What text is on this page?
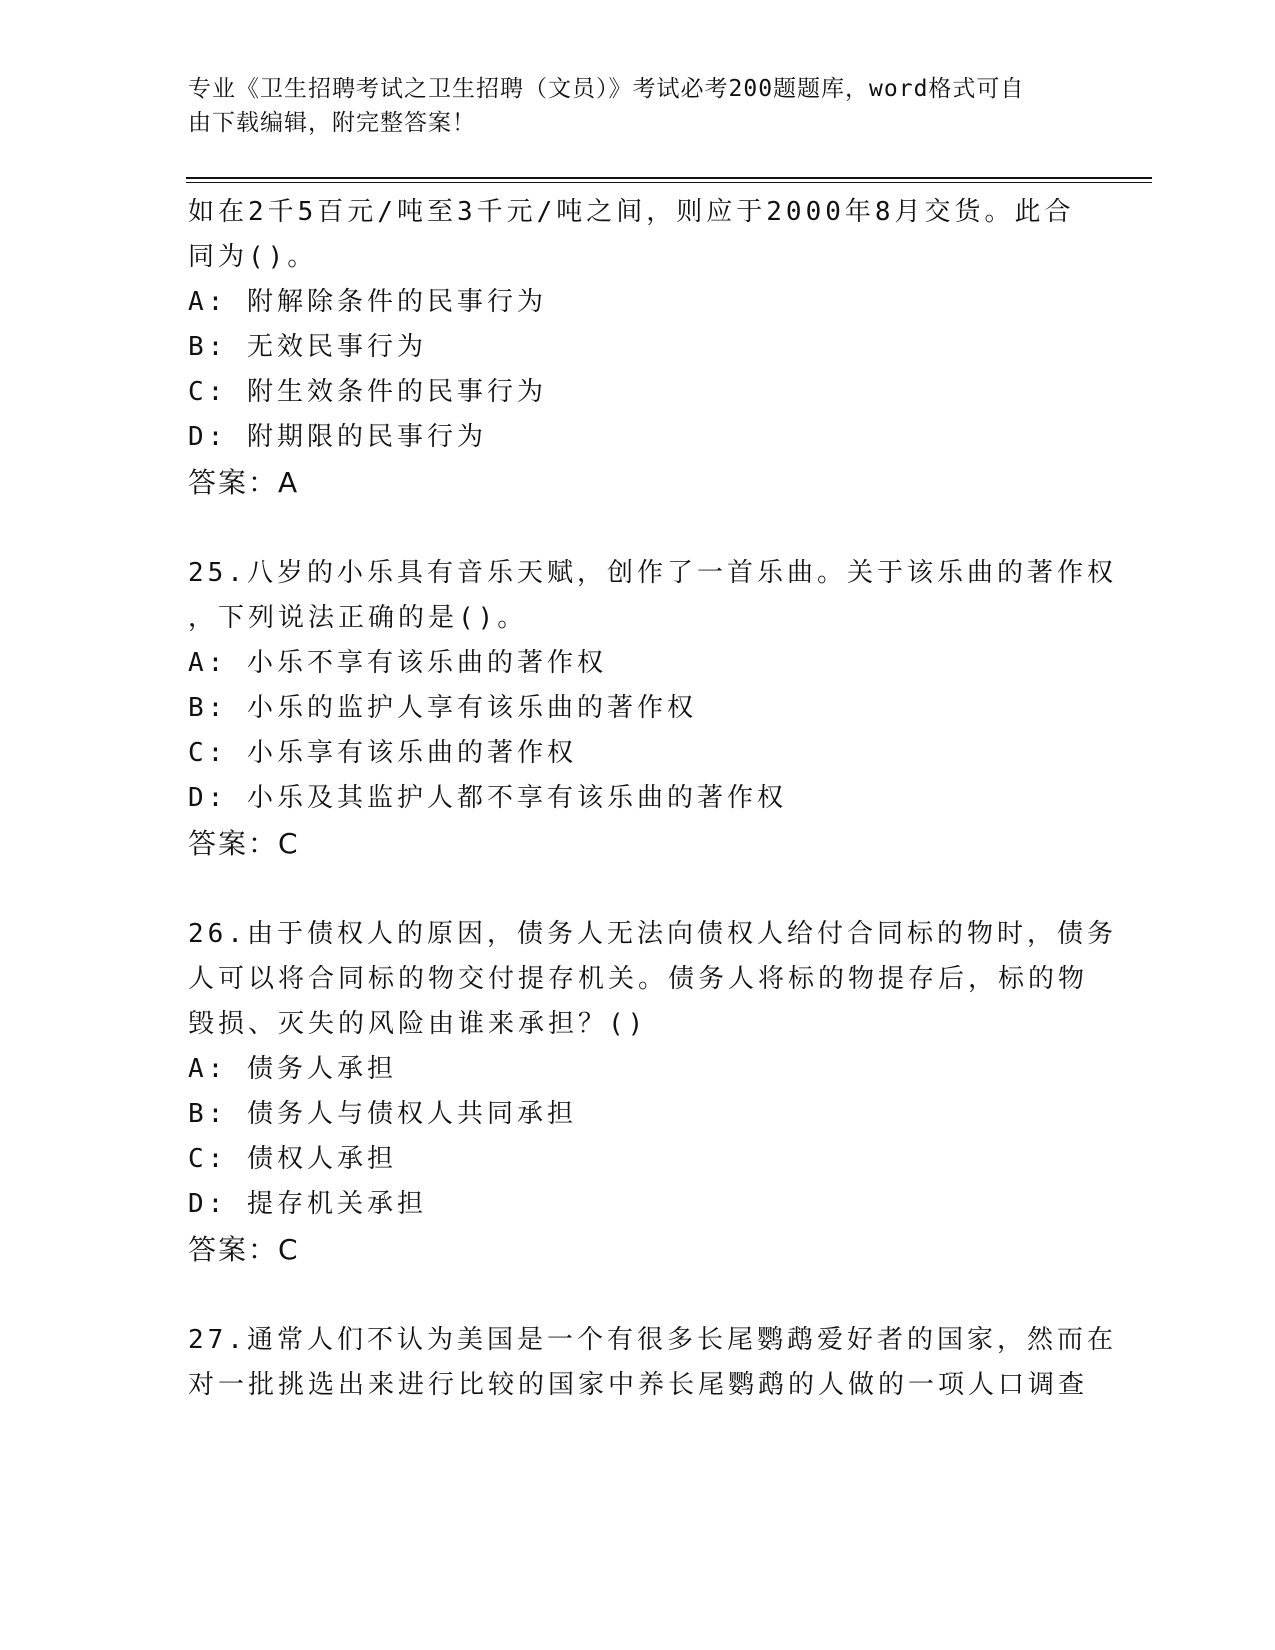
专业《卫生招聘考试之卫生招聘（文员）》考试必考200题题库，word格式可自
由下载编辑，附完整答案！
如在2千5百元/吨至3千元/吨之间，则应于2000年8月交货。此合
同为()。
A: 附解除条件的民事行为
B: 无效民事行为
C: 附生效条件的民事行为
D: 附期限的民事行为
答案：A
25.八岁的小乐具有音乐天赋，创作了一首乐曲。关于该乐曲的著作权
，下列说法正确的是()。
A: 小乐不享有该乐曲的著作权
B: 小乐的监护人享有该乐曲的著作权
C: 小乐享有该乐曲的著作权
D: 小乐及其监护人都不享有该乐曲的著作权
答案：C
26.由于债权人的原因，债务人无法向债权人给付合同标的物时，债务
人可以将合同标的物交付提存机关。债务人将标的物提存后，标的物
毁损、灭失的风险由谁来承担？()
A: 债务人承担
B: 债务人与债权人共同承担
C: 债权人承担
D: 提存机关承担
答案：C
27.通常人们不认为美国是一个有很多长尾鹦鹉爱好者的国家，然而在
对一批挑选出来进行比较的国家中养长尾鹦鹉的人做的一项人口调查
